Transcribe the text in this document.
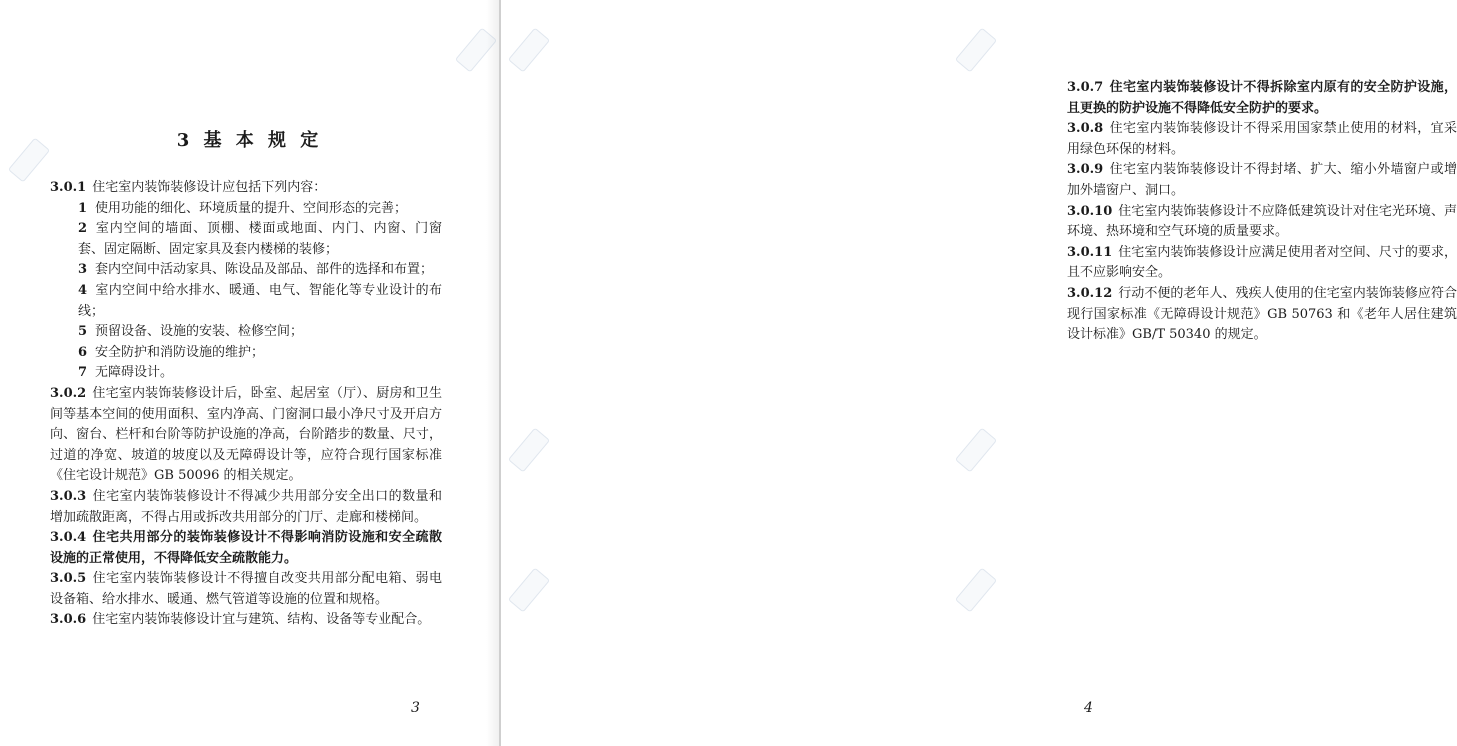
3 基 本 规 定

3.0.1 住宅室内装饰装修设计应包括下列内容：

1 使用功能的细化、环境质量的提升、空间形态的完善；

2 室内空间的墙面、顶棚、楼面或地面、内门、内窗、门窗套、固定隔断、固定家具及套内楼梯的装修；

3 套内空间中活动家具、陈设品及部品、部件的选择和布置；

4 室内空间中给水排水、暖通、电气、智能化等专业设计的布线；

5 预留设备、设施的安装、检修空间；

6 安全防护和消防设施的维护；

7 无障碍设计。

3.0.2 住宅室内装饰装修设计后，卧室、起居室（厅）、厨房和卫生间等基本空间的使用面积、室内净高、门窗洞口最小净尺寸及开启方向、窗台、栏杆和台阶等防护设施的净高，台阶踏步的数量、尺寸，过道的净宽、坡道的坡度以及无障碍设计等，应符合现行国家标准《住宅设计规范》GB 50096 的相关规定。

3.0.3 住宅室内装饰装修设计不得减少共用部分安全出口的数量和增加疏散距离，不得占用或拆改共用部分的门厅、走廊和楼梯间。

3.0.4 住宅共用部分的装饰装修设计不得影响消防设施和安全疏散设施的正常使用，不得降低安全疏散能力。

3.0.5 住宅室内装饰装修设计不得擅自改变共用部分配电箱、弱电设备箱、给水排水、暖通、燃气管道等设施的位置和规格。

3.0.6 住宅室内装饰装修设计宜与建筑、结构、设备等专业配合。

3

3.0.7 住宅室内装饰装修设计不得拆除室内原有的安全防护设施，且更换的防护设施不得降低安全防护的要求。

3.0.8 住宅室内装饰装修设计不得采用国家禁止使用的材料，宜采用绿色环保的材料。

3.0.9 住宅室内装饰装修设计不得封堵、扩大、缩小外墙窗户或增加外墙窗户、洞口。

3.0.10 住宅室内装饰装修设计不应降低建筑设计对住宅光环境、声环境、热环境和空气环境的质量要求。

3.0.11 住宅室内装饰装修设计应满足使用者对空间、尺寸的要求，且不应影响安全。

3.0.12 行动不便的老年人、残疾人使用的住宅室内装饰装修应符合现行国家标准《无障碍设计规范》GB 50763 和《老年人居住建筑设计标准》GB/T 50340 的规定。

4
